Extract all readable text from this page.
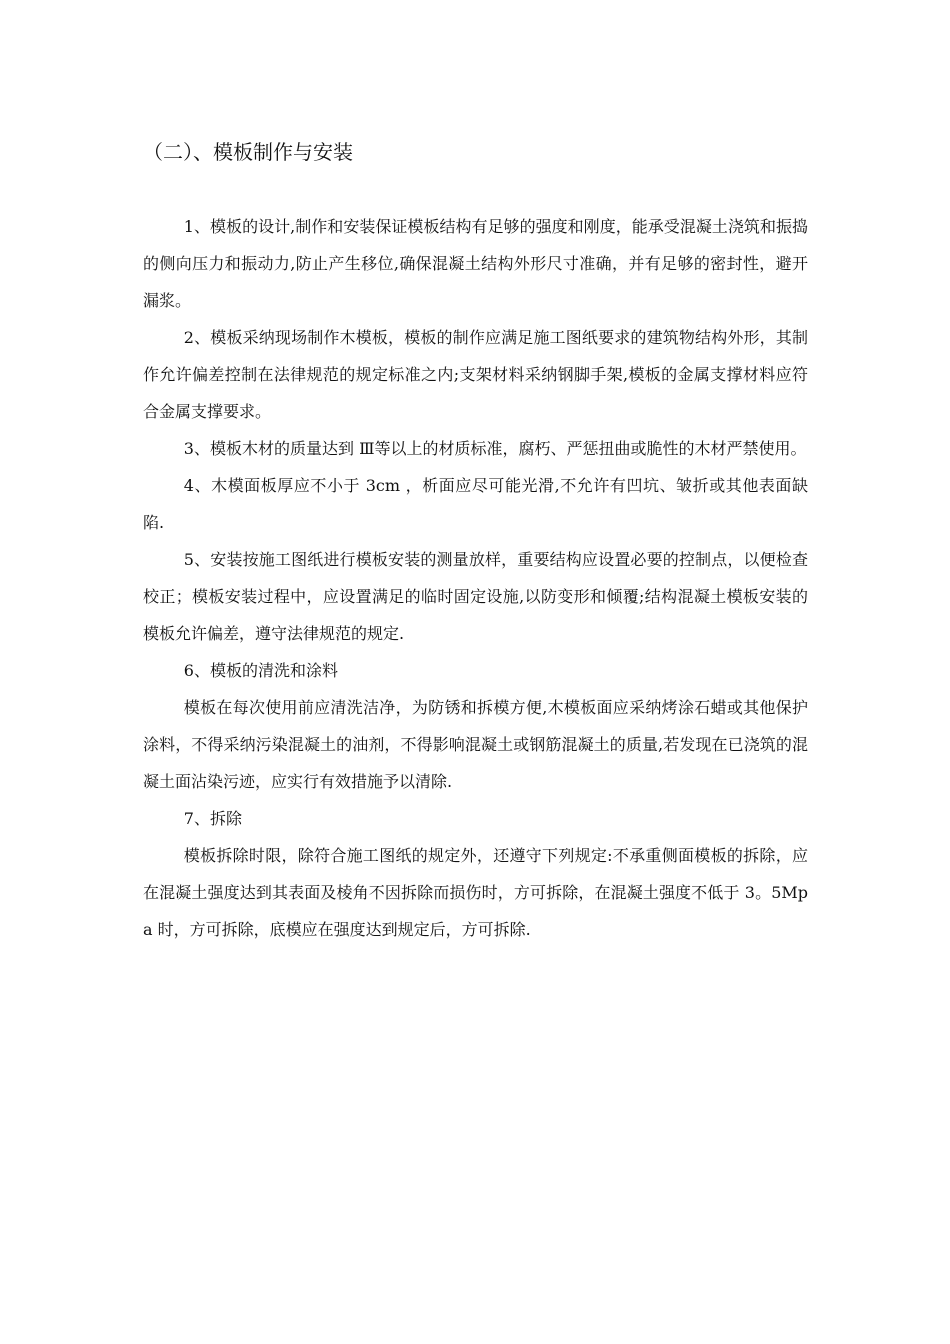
（二）、模板制作与安装

1、模板的设计,制作和安装保证模板结构有足够的强度和刚度，能承受混凝土浇筑和振捣的侧向压力和振动力,防止产生移位,确保混凝土结构外形尺寸准确，并有足够的密封性，避开漏浆。

2、模板采纳现场制作木模板，模板的制作应满足施工图纸要求的建筑物结构外形，其制作允许偏差控制在法律规范的规定标准之内;支架材料采纳钢脚手架,模板的金属支撑材料应符合金属支撑要求。

3、模板木材的质量达到 Ⅲ等以上的材质标准，腐朽、严惩扭曲或脆性的木材严禁使用。

4、木模面板厚应不小于 3cm ，析面应尽可能光滑,不允许有凹坑、皱折或其他表面缺陷.

5、安装按施工图纸进行模板安装的测量放样，重要结构应设置必要的控制点，以便检查校正；模板安装过程中，应设置满足的临时固定设施,以防变形和倾覆;结构混凝土模板安装的模板允许偏差，遵守法律规范的规定.

6、模板的清洗和涂料

模板在每次使用前应清洗洁净，为防锈和拆模方便,木模板面应采纳烤涂石蜡或其他保护涂料，不得采纳污染混凝土的油剂，不得影响混凝土或钢筋混凝土的质量,若发现在已浇筑的混凝土面沾染污迹，应实行有效措施予以清除.

7、拆除

模板拆除时限，除符合施工图纸的规定外，还遵守下列规定:不承重侧面模板的拆除，应在混凝土强度达到其表面及棱角不因拆除而损伤时，方可拆除，在混凝土强度不低于 3。5Mpa 时，方可拆除，底模应在强度达到规定后，方可拆除.
